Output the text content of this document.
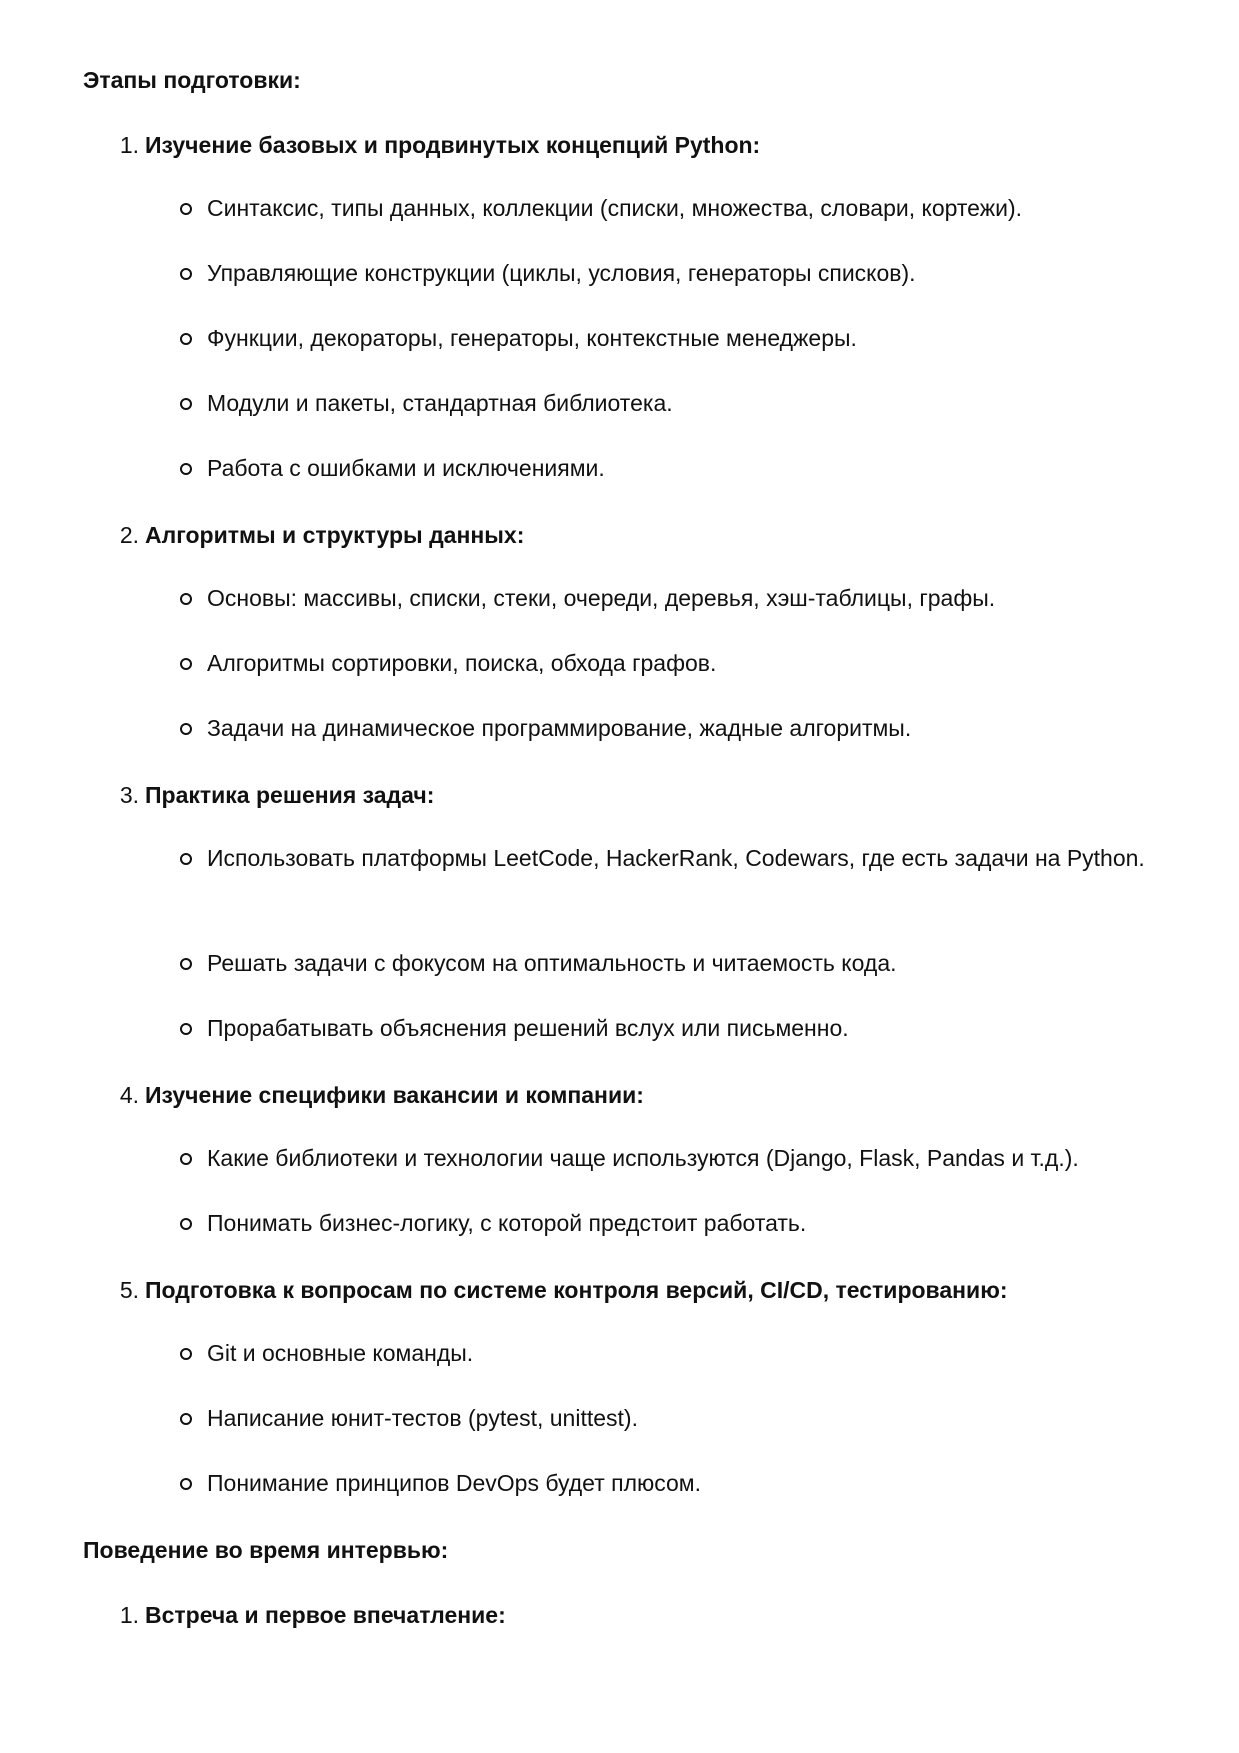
Этапы подготовки:
1. Изучение базовых и продвинутых концепций Python:
Синтаксис, типы данных, коллекции (списки, множества, словари, кортежи).
Управляющие конструкции (циклы, условия, генераторы списков).
Функции, декораторы, генераторы, контекстные менеджеры.
Модули и пакеты, стандартная библиотека.
Работа с ошибками и исключениями.
2. Алгоритмы и структуры данных:
Основы: массивы, списки, стеки, очереди, деревья, хэш-таблицы, графы.
Алгоритмы сортировки, поиска, обхода графов.
Задачи на динамическое программирование, жадные алгоритмы.
3. Практика решения задач:
Использовать платформы LeetCode, HackerRank, Codewars, где есть задачи на Python.
Решать задачи с фокусом на оптимальность и читаемость кода.
Прорабатывать объяснения решений вслух или письменно.
4. Изучение специфики вакансии и компании:
Какие библиотеки и технологии чаще используются (Django, Flask, Pandas и т.д.).
Понимать бизнес-логику, с которой предстоит работать.
5. Подготовка к вопросам по системе контроля версий, CI/CD, тестированию:
Git и основные команды.
Написание юнит-тестов (pytest, unittest).
Понимание принципов DevOps будет плюсом.
Поведение во время интервью:
1. Встреча и первое впечатление:
